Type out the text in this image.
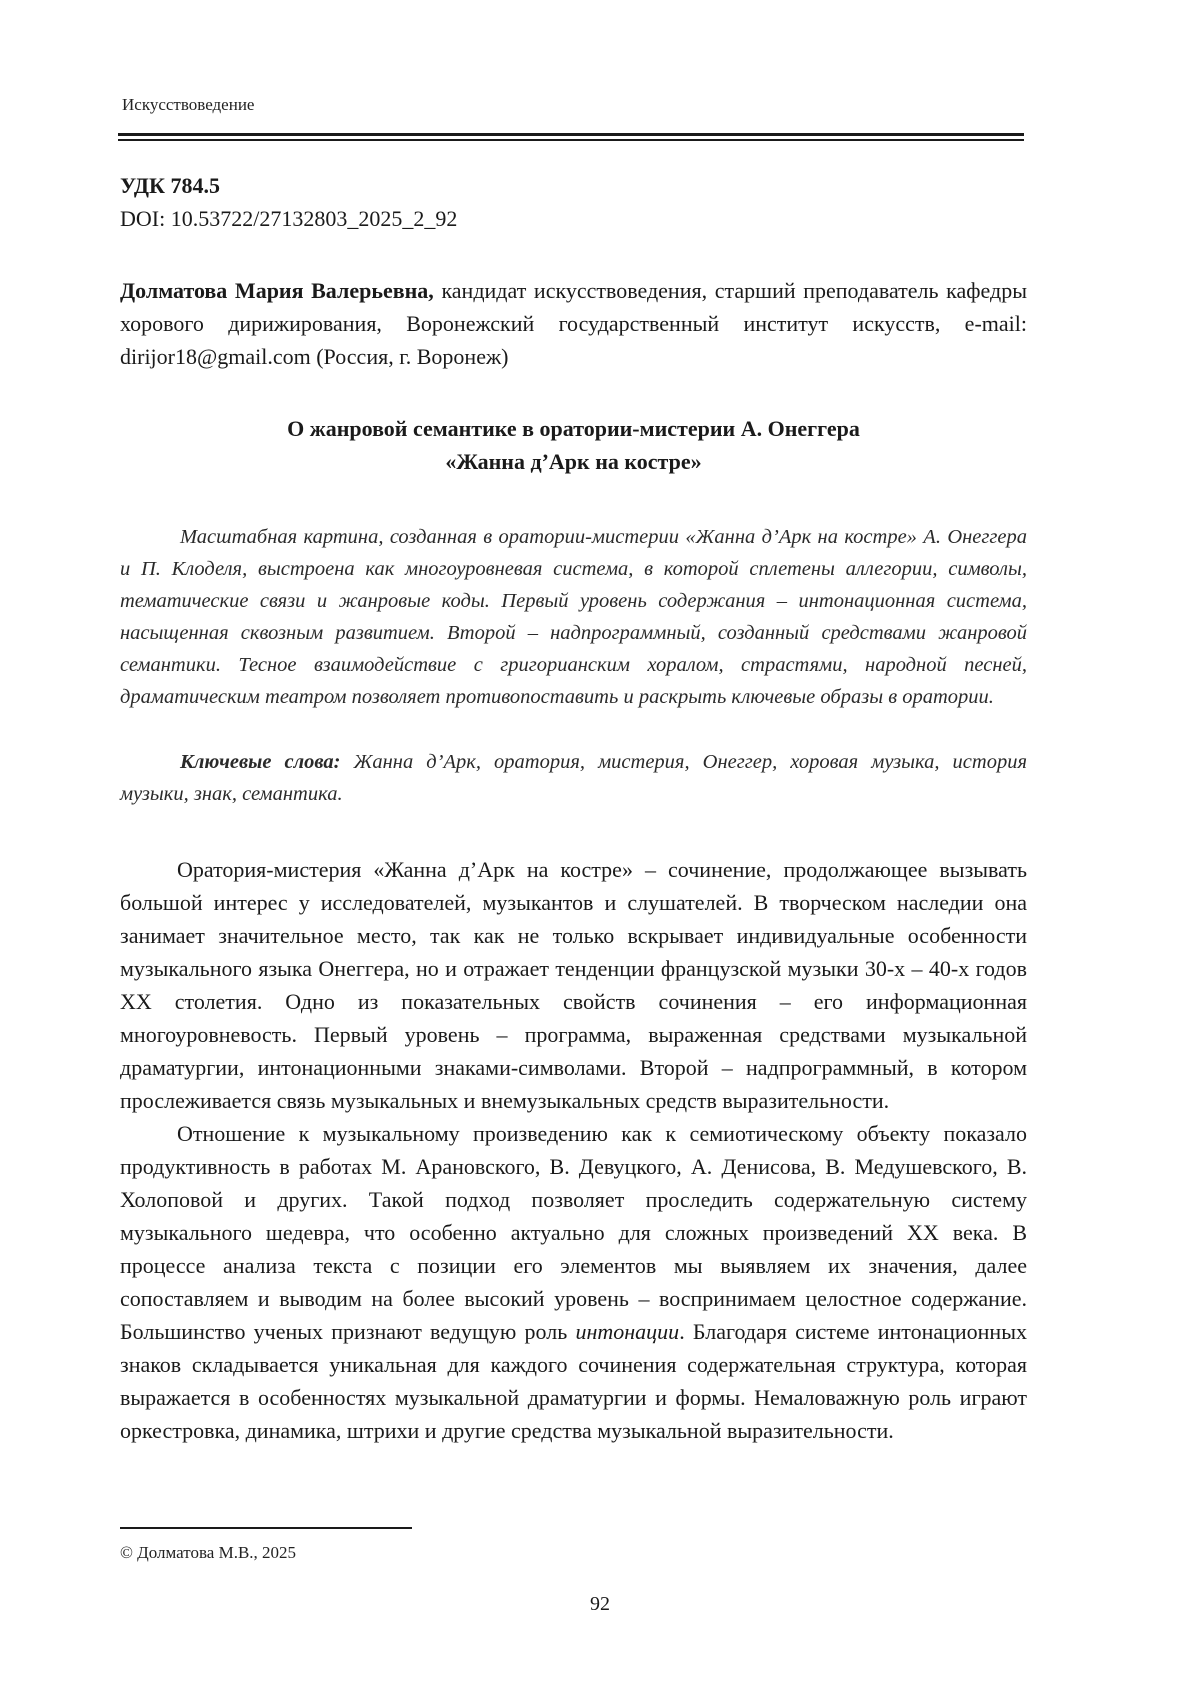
Искусствоведение
УДК 784.5
DOI: 10.53722/27132803_2025_2_92
Долматова Мария Валерьевна, кандидат искусствоведения, старший преподаватель кафедры хорового дирижирования, Воронежский государственный институт искусств, e-mail: dirijor18@gmail.com (Россия, г. Воронеж)
О жанровой семантике в оратории-мистерии А. Онеггера
«Жанна д’Арк на костре»

Масштабная картина, созданная в оратории-мистерии «Жанна д’Арк на костре» А. Онеггера и П. Клоделя, выстроена как многоуровневая система, в которой сплетены аллегории, символы, тематические связи и жанровые коды. Первый уровень содержания – интонационная система, насыщенная сквозным развитием. Второй – надпрограммный, созданный средствами жанровой семантики. Тесное взаимодействие с григорианским хоралом, страстями, народной песней, драматическим театром позволяет противопоставить и раскрыть ключевые образы в оратории.

Ключевые слова: Жанна д’Арк, оратория, мистерия, Онеггер, хоровая музыка, история музыки, знак, семантика.

Оратория-мистерия «Жанна д’Арк на костре» – сочинение, продолжающее вызывать большой интерес у исследователей, музыкантов и слушателей. В творческом наследии она занимает значительное место, так как не только вскрывает индивидуальные особенности музыкального языка Онеггера, но и отражает тенденции французской музыки 30-х – 40-х годов XX столетия. Одно из показательных свойств сочинения – его информационная многоуровневость. Первый уровень – программа, выраженная средствами музыкальной драматургии, интонационными знаками-символами. Второй – надпрограммный, в котором прослеживается связь музыкальных и внемузыкальных средств выразительности.

Отношение к музыкальному произведению как к семиотическому объекту показало продуктивность в работах М. Арановского, В. Девуцкого, А. Денисова, В. Медушевского, В. Холоповой и других. Такой подход позволяет проследить содержательную систему музыкального шедевра, что особенно актуально для сложных произведений XX века. В процессе анализа текста с позиции его элементов мы выявляем их значения, далее сопоставляем и выводим на более высокий уровень – воспринимаем целостное содержание. Большинство ученых признают ведущую роль интонации. Благодаря системе интонационных знаков складывается уникальная для каждого сочинения содержательная структура, которая выражается в особенностях музыкальной драматургии и формы. Немаловажную роль играют оркестровка, динамика, штрихи и другие средства музыкальной выразительности.

© Долматова М.В., 2025
92
